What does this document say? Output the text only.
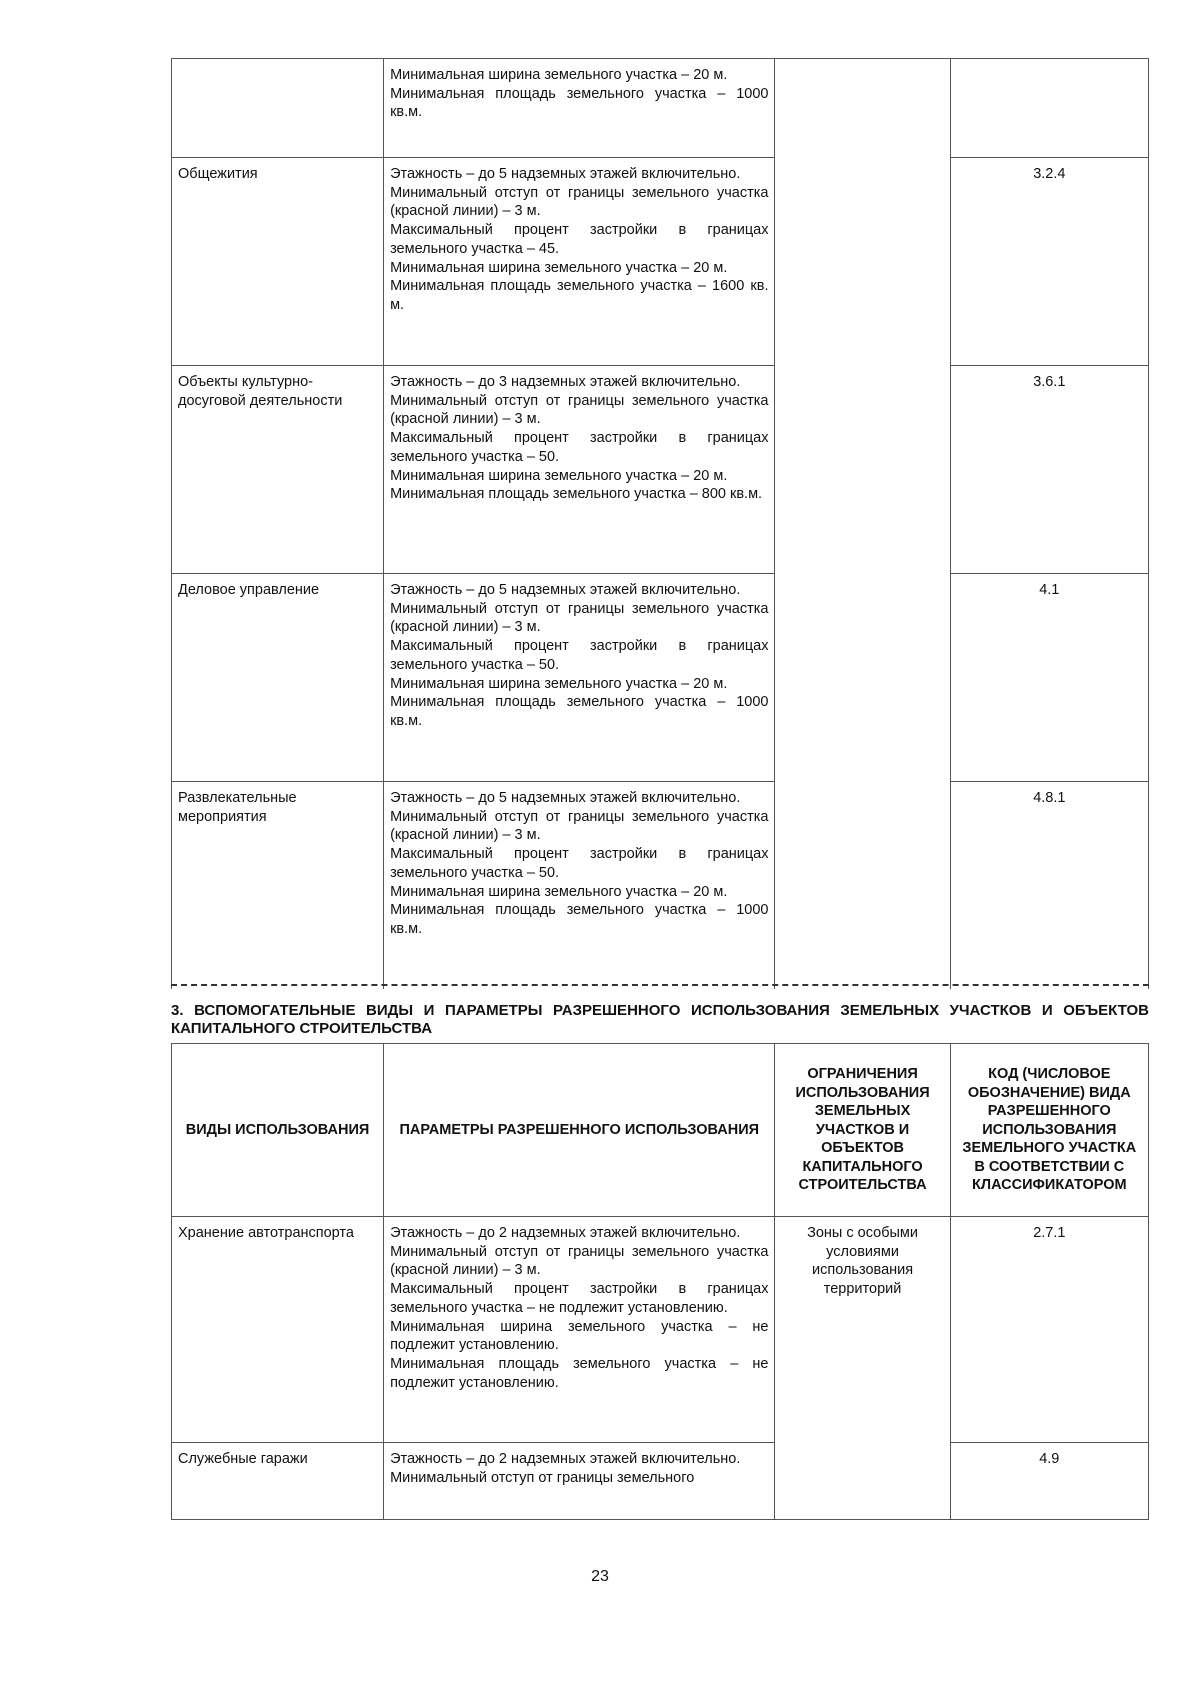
	Минимальная ширина земельного участка – 20 м.
Минимальная площадь земельного участка – 1000 кв.м.		

Общежития	Этажность – до 5 надземных этажей включительно.
Минимальный отступ от границы земельного участка (красной линии) – 3 м.
Максимальный процент застройки в границах земельного участка – 45.
Минимальная ширина земельного участка – 20 м.
Минимальная площадь земельного участка – 1600 кв. м.		3.2.4
Объекты культурно-досуговой деятельности	Этажность – до 3 надземных этажей включительно.
Минимальный отступ от границы земельного участка (красной линии) – 3 м.
Максимальный процент застройки в границах земельного участка – 50.
Минимальная ширина земельного участка – 20 м.
Минимальная площадь земельного участка – 800 кв.м.		3.6.1
Деловое управление	Этажность – до 5 надземных этажей включительно.
Минимальный отступ от границы земельного участка (красной линии) – 3 м.
Максимальный процент застройки в границах земельного участка – 50.
Минимальная ширина земельного участка – 20 м.
Минимальная площадь земельного участка – 1000 кв.м.		4.1
Развлекательные мероприятия	Этажность – до 5 надземных этажей включительно.
Минимальный отступ от границы земельного участка (красной линии) – 3 м.
Максимальный процент застройки в границах земельного участка – 50.
Минимальная ширина земельного участка – 20 м.
Минимальная площадь земельного участка – 1000 кв.м.		4.8.1
3. ВСПОМОГАТЕЛЬНЫЕ ВИДЫ И ПАРАМЕТРЫ РАЗРЕШЕННОГО ИСПОЛЬЗОВАНИЯ ЗЕМЕЛЬНЫХ УЧАСТКОВ И ОБЪЕКТОВ КАПИТАЛЬНОГО СТРОИТЕЛЬСТВА
ВИДЫ ИСПОЛЬЗОВАНИЯ	ПАРАМЕТРЫ РАЗРЕШЕННОГО ИСПОЛЬЗОВАНИЯ	ОГРАНИЧЕНИЯ ИСПОЛЬЗОВАНИЯ ЗЕМЕЛЬНЫХ УЧАСТКОВ И ОБЪЕКТОВ КАПИТАЛЬНОГО СТРОИТЕЛЬСТВА	КОД (ЧИСЛОВОЕ ОБОЗНАЧЕНИЕ) ВИДА РАЗРЕШЕННОГО ИСПОЛЬЗОВАНИЯ ЗЕМЕЛЬНОГО УЧАСТКА В СООТВЕТСТВИИ С КЛАССИФИКАТОРОМ
Хранение автотранспорта	Этажность – до 2 надземных этажей включительно.
Минимальный отступ от границы земельного участка (красной линии) – 3 м.
Максимальный процент застройки в границах земельного участка – не подлежит установлению.
Минимальная ширина земельного участка – не подлежит установлению.
Минимальная площадь земельного участка – не подлежит установлению.	Зоны с особыми условиями использования территорий	2.7.1
Служебные гаражи	Этажность – до 2 надземных этажей включительно.
Минимальный отступ от границы земельного		4.9
23
